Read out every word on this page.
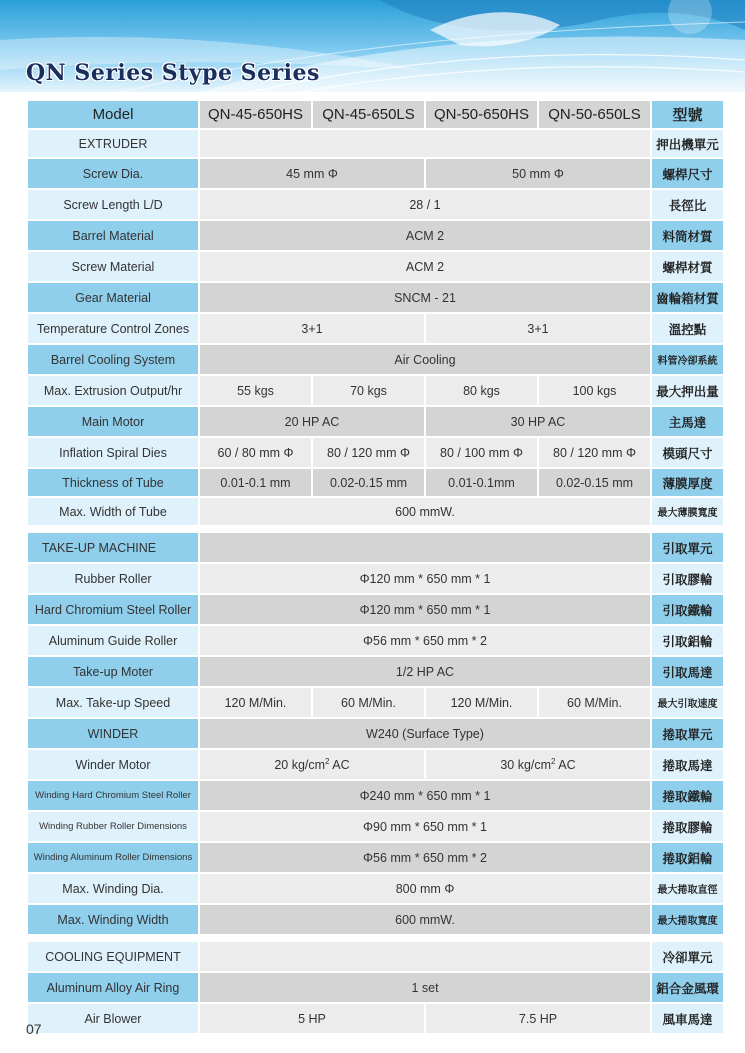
QN Series Stype Series
Model	QN-45-650HS	QN-45-650LS	QN-50-650HS	QN-50-650LS	型號
EXTRUDER					押出機單元
Screw Dia.	45 mm Φ		50 mm Φ		螺桿尺寸
Screw Length L/D	28 / 1				長徑比
Barrel Material	ACM 2				料筒材質
Screw Material	ACM 2				螺桿材質
Gear Material	SNCM - 21				齒輪箱材質
Temperature Control Zones	3+1		3+1		溫控點
Barrel Cooling System	Air Cooling				料管冷卻系統
Max. Extrusion Output/hr	55 kgs	70 kgs	80 kgs	100 kgs	最大押出量
Main Motor	20 HP AC		30 HP AC		主馬達
Inflation Spiral Dies	60 / 80 mm Φ	80 / 120 mm Φ	80 / 100 mm Φ	80 / 120 mm Φ	模頭尺寸
Thickness of Tube	0.01-0.1 mm	0.02-0.15 mm	0.01-0.1mm	0.02-0.15 mm	薄膜厚度
Max. Width of Tube	600 mmW.				最大薄膜寬度

TAKE-UP MACHINE					引取單元
Rubber Roller	Φ120 mm * 650 mm * 1				引取膠輪
Hard Chromium Steel Roller	Φ120 mm * 650 mm * 1				引取鐵輪
Aluminum Guide Roller	Φ56 mm * 650 mm * 2				引取鋁輪
Take-up Moter	1/2 HP AC				引取馬達
Max. Take-up Speed	120 M/Min.	60 M/Min.	120 M/Min.	60 M/Min.	最大引取速度
WINDER	W240 (Surface Type)				捲取單元
Winder Motor	20 $kg/cm^2$ AC		30 $kg/cm^2$ AC		捲取馬達
Winding Hard Chromium Steel Roller	Φ240 mm * 650 mm * 1				捲取鐵輪
Winding Rubber Roller Dimensions	Φ90 mm * 650 mm * 1				捲取膠輪
Winding Aluminum Roller Dimensions	Φ56 mm * 650 mm * 2				捲取鋁輪
Max. Winding Dia.	800 mm Φ				最大捲取直徑
Max. Winding Width	600 mmW.				最大捲取寬度

COOLING EQUIPMENT					冷卻單元
Aluminum Alloy Air Ring	1 set				鋁合金風環
Air Blower	5 HP		7.5 HP		風車馬達
07
